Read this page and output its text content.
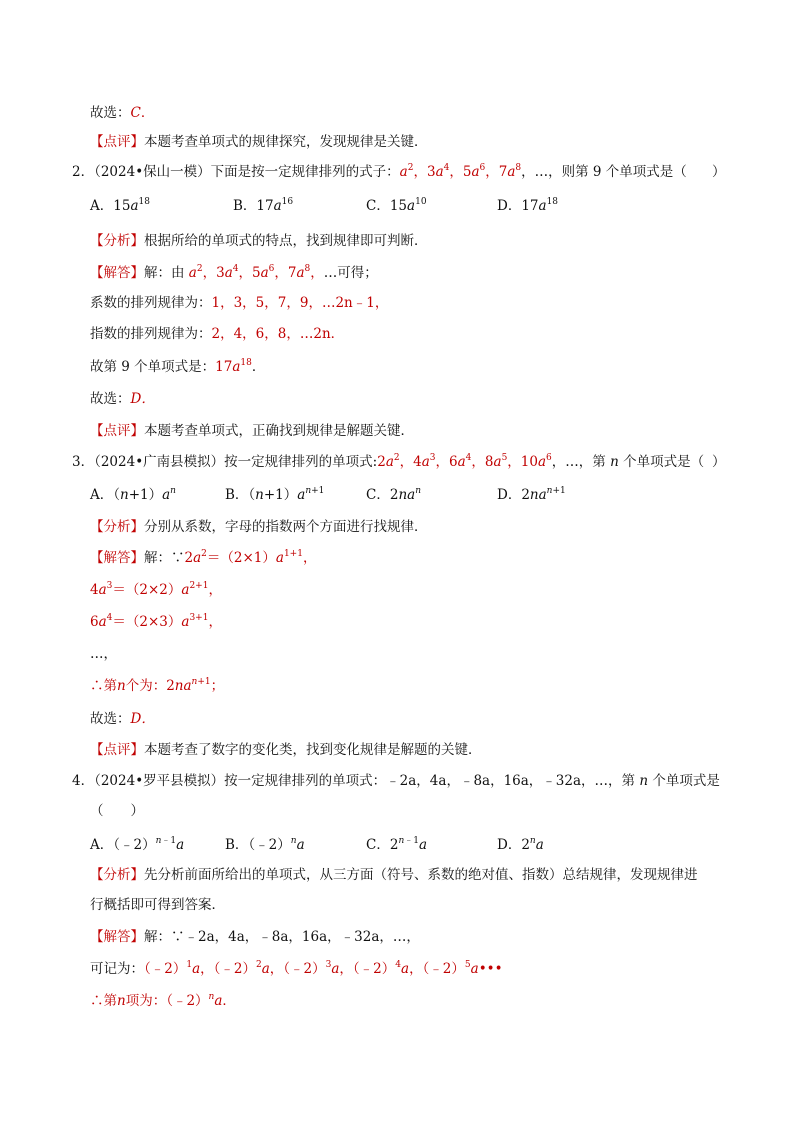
故选：C．
【点评】本题考查单项式的规律探究，发现规律是关键．
2．（2024•保山一模）下面是按一定规律排列的式子：$a^2$，$3a^4$，$5a^6$，$7a^8$，…，则第 9 个单项式是（ ）
A．$15a^{18}$	B．$17a^{16}$	C．$15a^{10}$	D．$17a^{18}$
【分析】根据所给的单项式的特点，找到规律即可判断．
【解答】解：由 $a^2$，$3a^4$，$5a^6$，$7a^8$，…可得；
系数的排列规律为：1，3，5，7，9，…2n﹣1，
指数的排列规律为：2，4，6，8，…2n．
故第 9 个单项式是：$17a^{18}$．
故选：D．
【点评】本题考查单项式，正确找到规律是解题关键．
3．（2024•广南县模拟）按一定规律排列的单项式$:2a^2$，$4a^3$，$6a^4$，$8a^5$，$10a^6$，…，第 n 个单项式是（ ）
A．$(n+1)a^n$	B．$(n+1)a^{n+1}$	C．$2na^n$	D．$2na^{n+1}$
【分析】分别从系数，字母的指数两个方面进行找规律．
【解答】解：$\because 2a^2=(2\times 1)a^{1+1}$，
$4a^3=(2\times 2)a^{2+1}$，
$6a^4=(2\times 3)a^{3+1}$，
…，
∴第n个为：$2na^{n+1}$；
故选：D．
【点评】本题考查了数字的变化类，找到变化规律是解题的关键．
4．（2024•罗平县模拟）按一定规律排列的单项式：﹣2a，4a，﹣8a，16a，﹣32a，…，第 n 个单项式是
（　　）
A．（﹣2）$^{n﹣1}$a	B．（﹣2）$^n$a	C．$2^{n﹣1}a$	D．2$^n$a
【分析】先分析前面所给出的单项式，从三方面（符号、系数的绝对值、指数）总结规律，发现规律进
行概括即可得到答案．
【解答】解：∵﹣2a，4a，﹣8a，16a，﹣32a，…，
可记为：（﹣2）$^1$a，（﹣2）$^2$a，（﹣2）$^3$a，（﹣2）$^4$a，（﹣2）$^5$a•••
∴第n项为：（﹣2）$^n$a．
